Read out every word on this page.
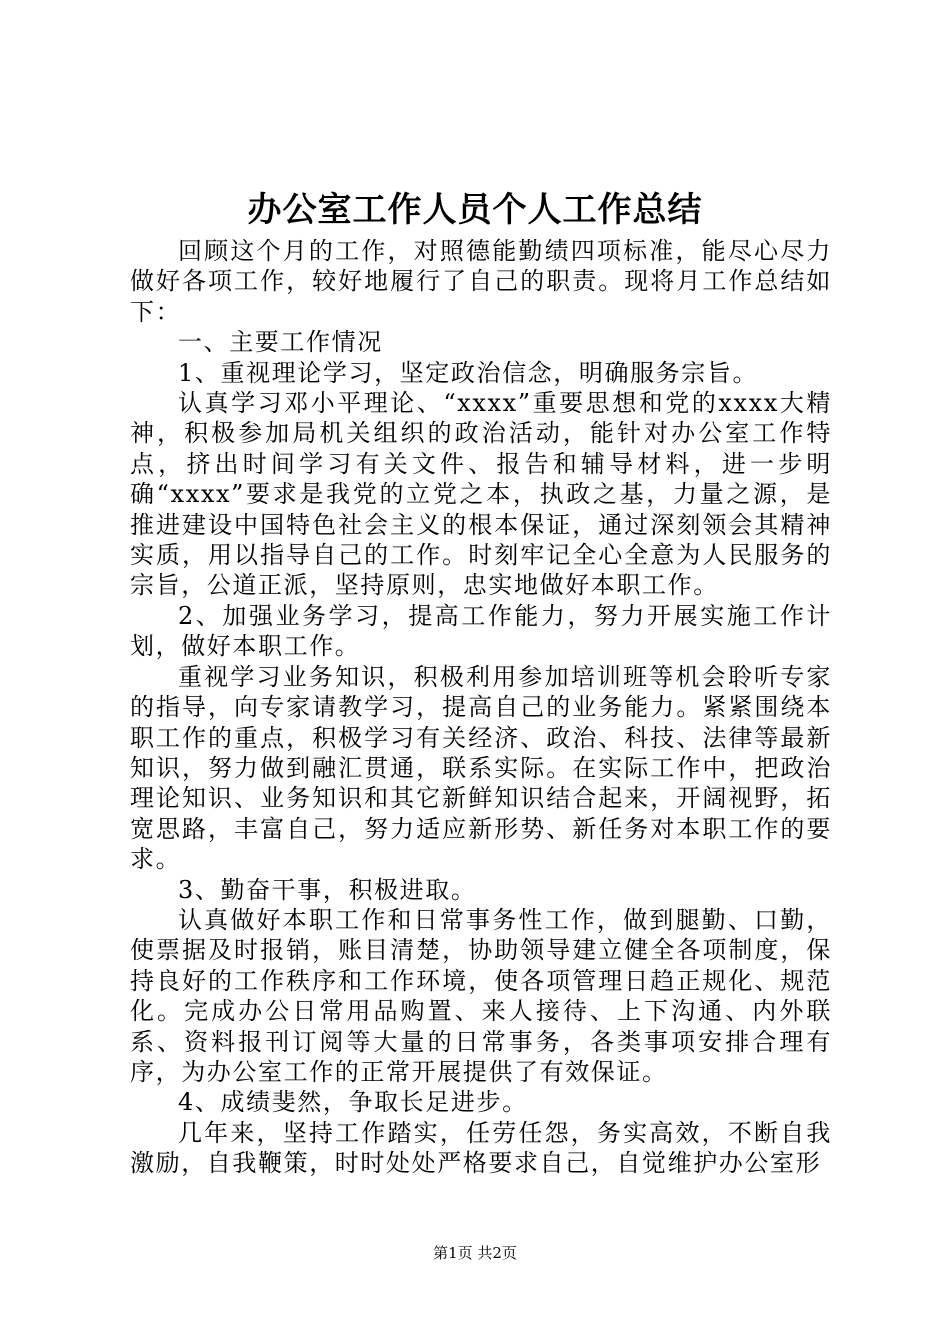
办公室工作人员个人工作总结

回顾这个月的工作，对照德能勤绩四项标准，能尽心尽力做好各项工作，较好地履行了自己的职责。现将月工作总结如下：

一、主要工作情况

1、重视理论学习，坚定政治信念，明确服务宗旨。

认真学习邓小平理论、“xxxx”重要思想和党的xxxx大精神，积极参加局机关组织的政治活动，能针对办公室工作特点，挤出时间学习有关文件、报告和辅导材料，进一步明确“xxxx”要求是我党的立党之本，执政之基，力量之源，是推进建设中国特色社会主义的根本保证，通过深刻领会其精神实质，用以指导自己的工作。时刻牢记全心全意为人民服务的宗旨，公道正派，坚持原则，忠实地做好本职工作。

2、加强业务学习，提高工作能力，努力开展实施工作计划，做好本职工作。

重视学习业务知识，积极利用参加培训班等机会聆听专家的指导，向专家请教学习，提高自己的业务能力。紧紧围绕本职工作的重点，积极学习有关经济、政治、科技、法律等最新知识，努力做到融汇贯通，联系实际。在实际工作中，把政治理论知识、业务知识和其它新鲜知识结合起来，开阔视野，拓宽思路，丰富自己，努力适应新形势、新任务对本职工作的要求。

3、勤奋干事，积极进取。

认真做好本职工作和日常事务性工作，做到腿勤、口勤，使票据及时报销，账目清楚，协助领导建立健全各项制度，保持良好的工作秩序和工作环境，使各项管理日趋正规化、规范化。完成办公日常用品购置、来人接待、上下沟通、内外联系、资料报刊订阅等大量的日常事务，各类事项安排合理有序，为办公室工作的正常开展提供了有效保证。

4、成绩斐然，争取长足进步。

几年来，坚持工作踏实，任劳任怨，务实高效，不断自我激励，自我鞭策，时时处处严格要求自己，自觉维护办公室形

第1页 共2页
